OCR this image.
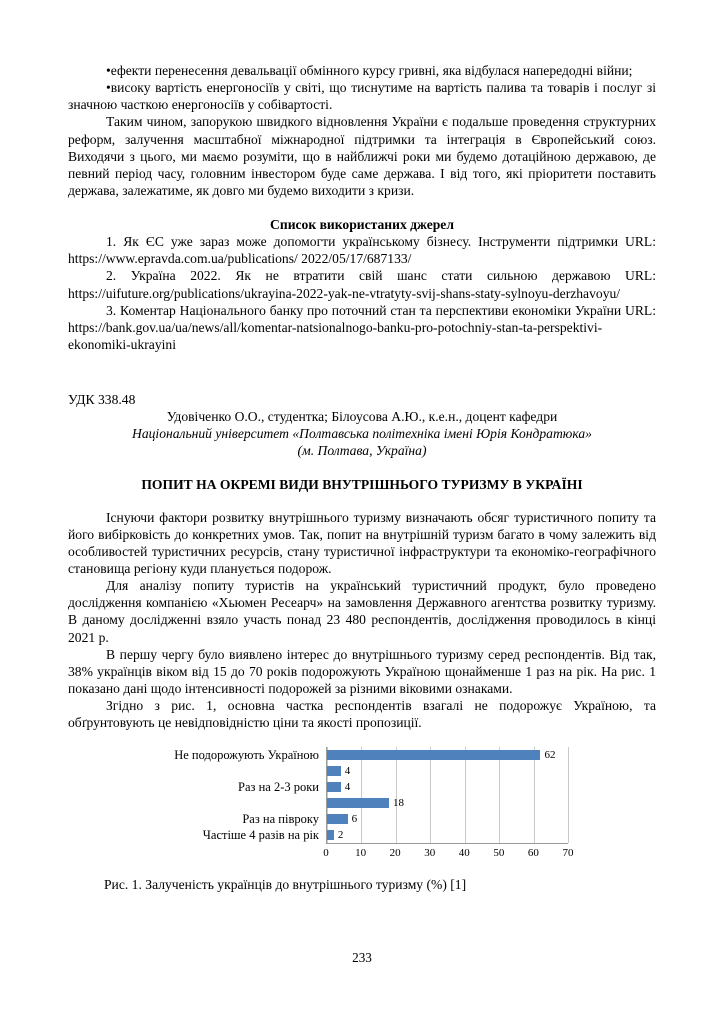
•ефекти перенесення девальвації обмінного курсу гривні, яка відбулася напередодні війни;

•високу вартість енергоносіїв у світі, що тиснутиме на вартість палива та товарів і послуг зі значною часткою енергоносіїв у собівартості.

Таким чином, запорукою швидкого відновлення України є подальше проведення структурних реформ, залучення масштабної міжнародної підтримки та інтеграція в Європейський союз. Виходячи з цього, ми маємо розуміти, що в найближчі роки ми будемо дотаційною державою, де певний період часу, головним інвестором буде саме держава. І від того, які пріоритети поставить держава, залежатиме, як довго ми будемо виходити з кризи.

Список використаних джерел

1. Як ЄС уже зараз може допомогти українському бізнесу. Інструменти підтримки URL: https://www.epravda.com.ua/publications/ 2022/05/17/687133/

2. Україна 2022. Як не втратити свій шанс стати сильною державою URL: https://uifuture.org/publications/ukrayina-2022-yak-ne-vtratyty-svij-shans-staty-sylnoyu-derzhavoyu/

3. Коментар Національного банку про поточний стан та перспективи економіки України URL: https://bank.gov.ua/ua/news/all/komentar-natsionalnogo-banku-pro-potochniy-stan-ta-perspektivi-ekonomiki-ukrayini

УДК 338.48

Удовіченко О.О., студентка; Білоусова А.Ю., к.е.н., доцент кафедри

Національний університет «Полтавська політехніка імені Юрія Кондратюка»

(м. Полтава, Україна)

ПОПИТ НА ОКРЕМІ ВИДИ ВНУТРІШНЬОГО ТУРИЗМУ В УКРАЇНІ

Існуючи фактори розвитку внутрішнього туризму визначають обсяг туристичного попиту та його вибірковість до конкретних умов. Так, попит на внутрішній туризм багато в чому залежить від особливостей туристичних ресурсів, стану туристичної інфраструктури та економіко-географічного становища регіону куди планується подорож.

Для аналізу попиту туристів на український туристичний продукт, було проведено дослідження компанією «Хьюмен Ресеарч» на замовлення Державного агентства розвитку туризму. В даному дослідженні взяло участь понад 23 480 респондентів, дослідження проводилось в кінці 2021 р.

В першу чергу було виявлено інтерес до внутрішнього туризму серед респондентів. Від так, 38% українців віком від 15 до 70 років подорожують Україною щонайменше 1 раз на рік. На рис. 1 показано дані щодо інтенсивності подорожей за різними віковими ознаками.

Згідно з рис. 1, основна частка респондентів взагалі не подорожує Україною, та обґрунтовують це невідповідністю ціни та якості пропозиції.

Не подорожують Україною
Раз на 2-3 роки
Раз на півроку
Частіше 4 разів на рік
62
4
4
18
6
2
0 10 20 30 40 50 60 70

Рис. 1. Залученість українців до внутрішнього туризму (%) [1]

233
